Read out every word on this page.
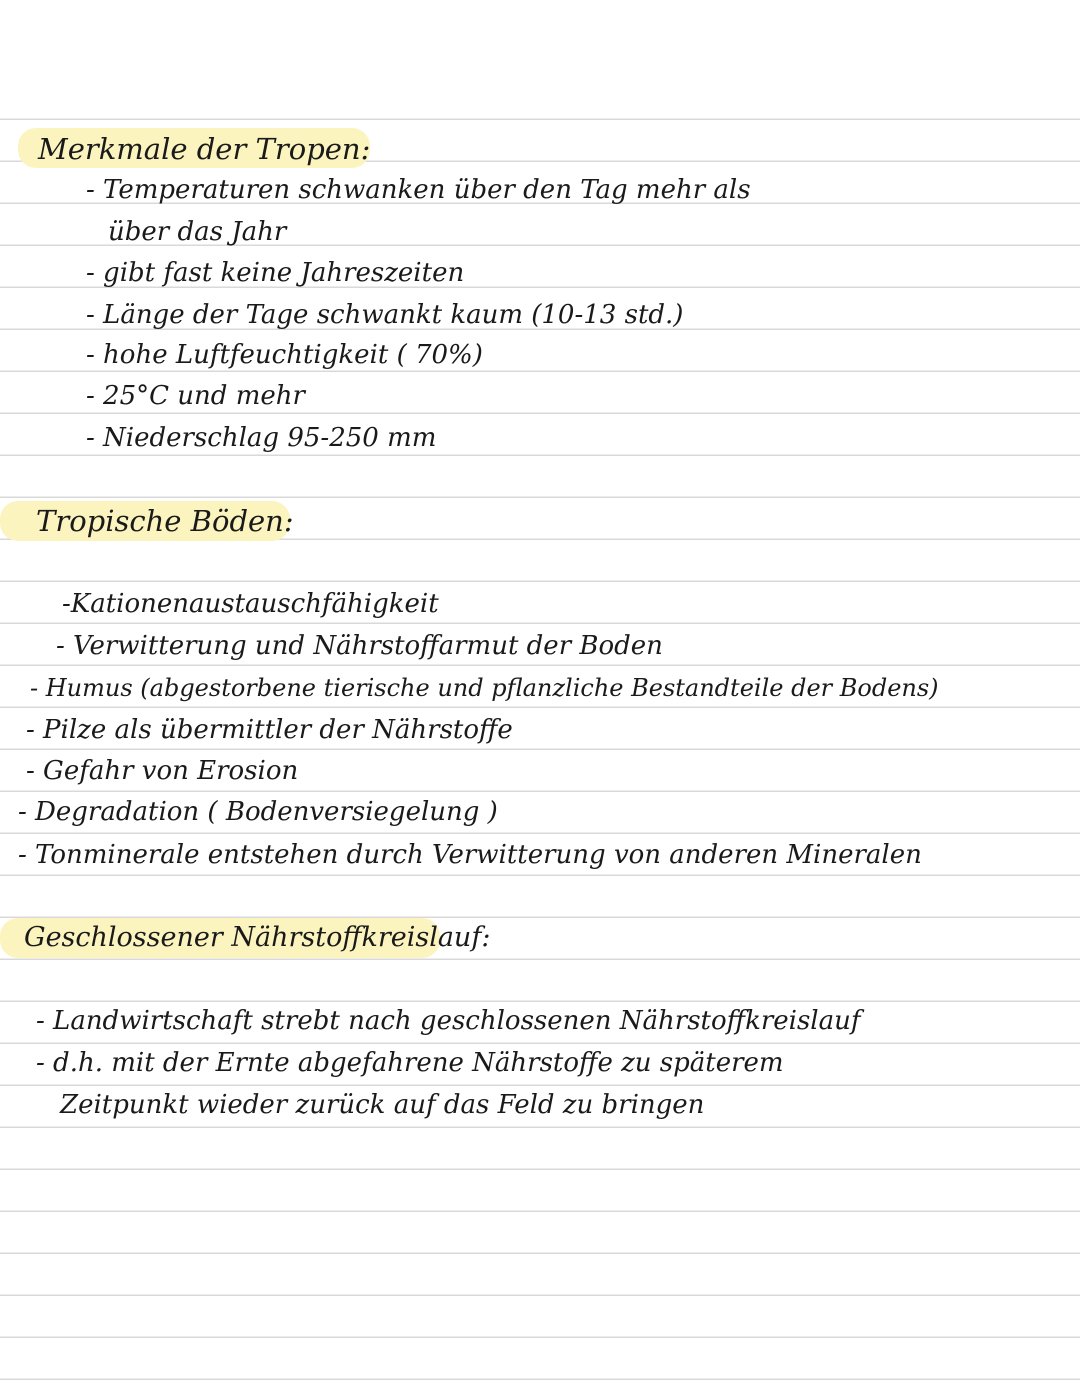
Merkmale der Tropen:
- Temperaturen schwanken über den Tag mehr als
über das Jahr
- gibt fast keine Jahreszeiten
- Länge der Tage schwankt kaum (10-13 std.)
- hohe Luftfeuchtigkeit ( 70%)
- 25°C und mehr
- Niederschlag 95-250 mm
Tropische Böden:
-Kationenaustauschfähigkeit
- Verwitterung und Nährstoffarmut der Boden
- Humus (abgestorbene tierische und pflanzliche Bestandteile der Bodens)
- Pilze als übermittler der Nährstoffe
- Gefahr von Erosion
- Degradation ( Bodenversiegelung )
- Tonminerale entstehen durch Verwitterung von anderen Mineralen
Geschlossener Nährstoffkreislauf:
- Landwirtschaft strebt nach geschlossenen Nährstoffkreislauf
- d.h. mit der Ernte abgefahrene Nährstoffe zu späterem
Zeitpunkt wieder zurück auf das Feld zu bringen
